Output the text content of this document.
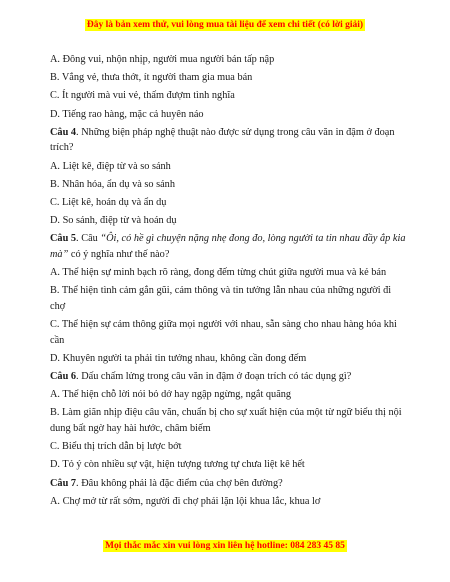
Đây là bản xem thử, vui lòng mua tài liệu để xem chi tiết (có lời giải)

A. Đông vui, nhộn nhịp, người mua người bán tấp nập

B. Vắng vẻ, thưa thớt, ít người tham gia mua bán

C. Ít người mà vui vẻ, thấm đượm tình nghĩa

D. Tiếng rao hàng, mặc cả huyên náo

Câu 4. Những biện pháp nghệ thuật nào được sử dụng trong câu văn in đậm ở đoạn trích?

A. Liệt kê, điệp từ và so sánh

B. Nhân hóa, ẩn dụ và so sánh

C. Liệt kê, hoán dụ và ẩn dụ

D. So sánh, điệp từ và hoán dụ

Câu 5. Câu “Ôi, có hề gì chuyện nặng nhẹ đong đo, lòng người ta tin nhau đầy ắp kia mà” có ý nghĩa như thế nào?

A. Thể hiện sự minh bạch rõ ràng, đong đếm từng chút giữa người mua và kẻ bán

B. Thể hiện tình cảm gắn gũi, cảm thông và tin tưởng lẫn nhau của những người đi chợ

C. Thể hiện sự cảm thông giữa mọi người với nhau, sẵn sàng cho nhau hàng hóa khi cần

D. Khuyên người ta phải tin tưởng nhau, không cần đong đếm

Câu 6. Dấu chấm lửng trong câu văn in đậm ở đoạn trích có tác dụng gì?

A. Thể hiện chỗ lời nói bỏ dở hay ngập ngừng, ngắt quãng

B. Làm giãn nhịp điệu câu văn, chuẩn bị cho sự xuất hiện của một từ ngữ biểu thị nội dung bất ngờ hay hài hước, châm biếm

C. Biểu thị trích dẫn bị lược bớt

D. Tỏ ý còn nhiều sự vật, hiện tượng tương tự chưa liệt kê hết

Câu 7. Đâu không phải là đặc điểm của chợ bên đường?

A. Chợ mở từ rất sớm, người đi chợ phải lặn lội khua lắc, khua lơ

Mọi thắc mắc xin vui lòng xin liên hệ hotline: 084 283 45 85
